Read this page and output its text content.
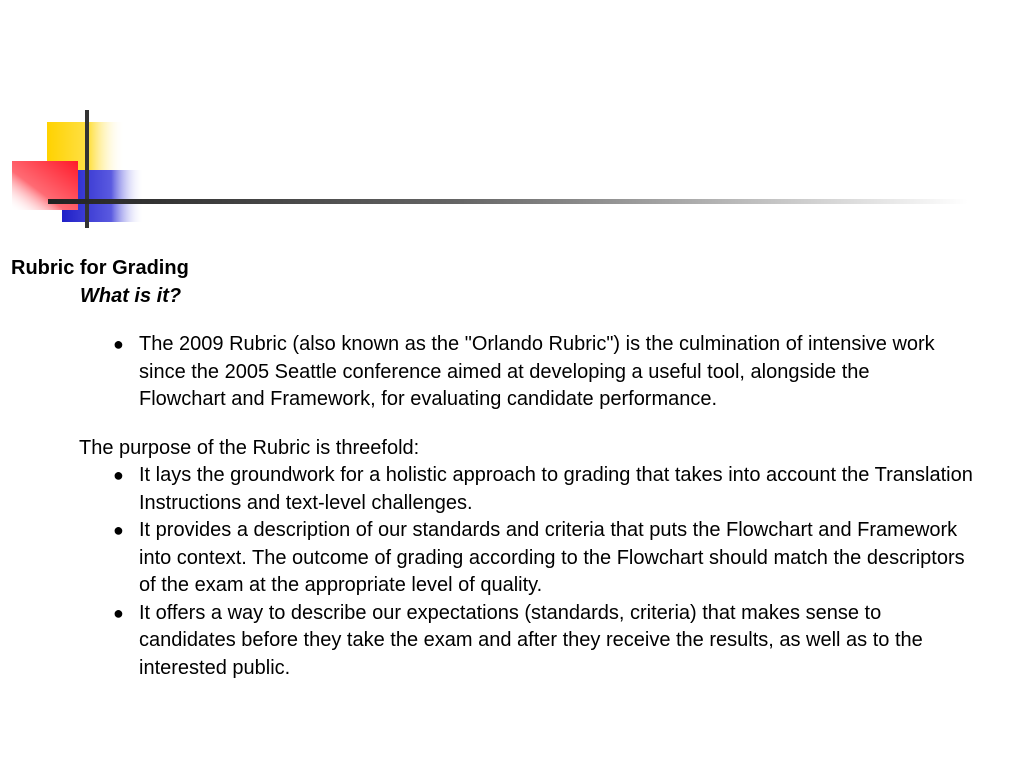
Rubric for Grading

What is it?

● The 2009 Rubric (also known as the "Orlando Rubric") is the culmination of intensive work since the 2005 Seattle conference aimed at developing a useful tool, alongside the Flowchart and Framework, for evaluating candidate performance.

The purpose of the Rubric is threefold:

● It lays the groundwork for a holistic approach to grading that takes into account the Translation Instructions and text-level challenges.
● It provides a description of our standards and criteria that puts the Flowchart and Framework into context. The outcome of grading according to the Flowchart should match the descriptors of the exam at the appropriate level of quality.
● It offers a way to describe our expectations (standards, criteria) that makes sense to candidates before they take the exam and after they receive the results, as well as to the interested public.
